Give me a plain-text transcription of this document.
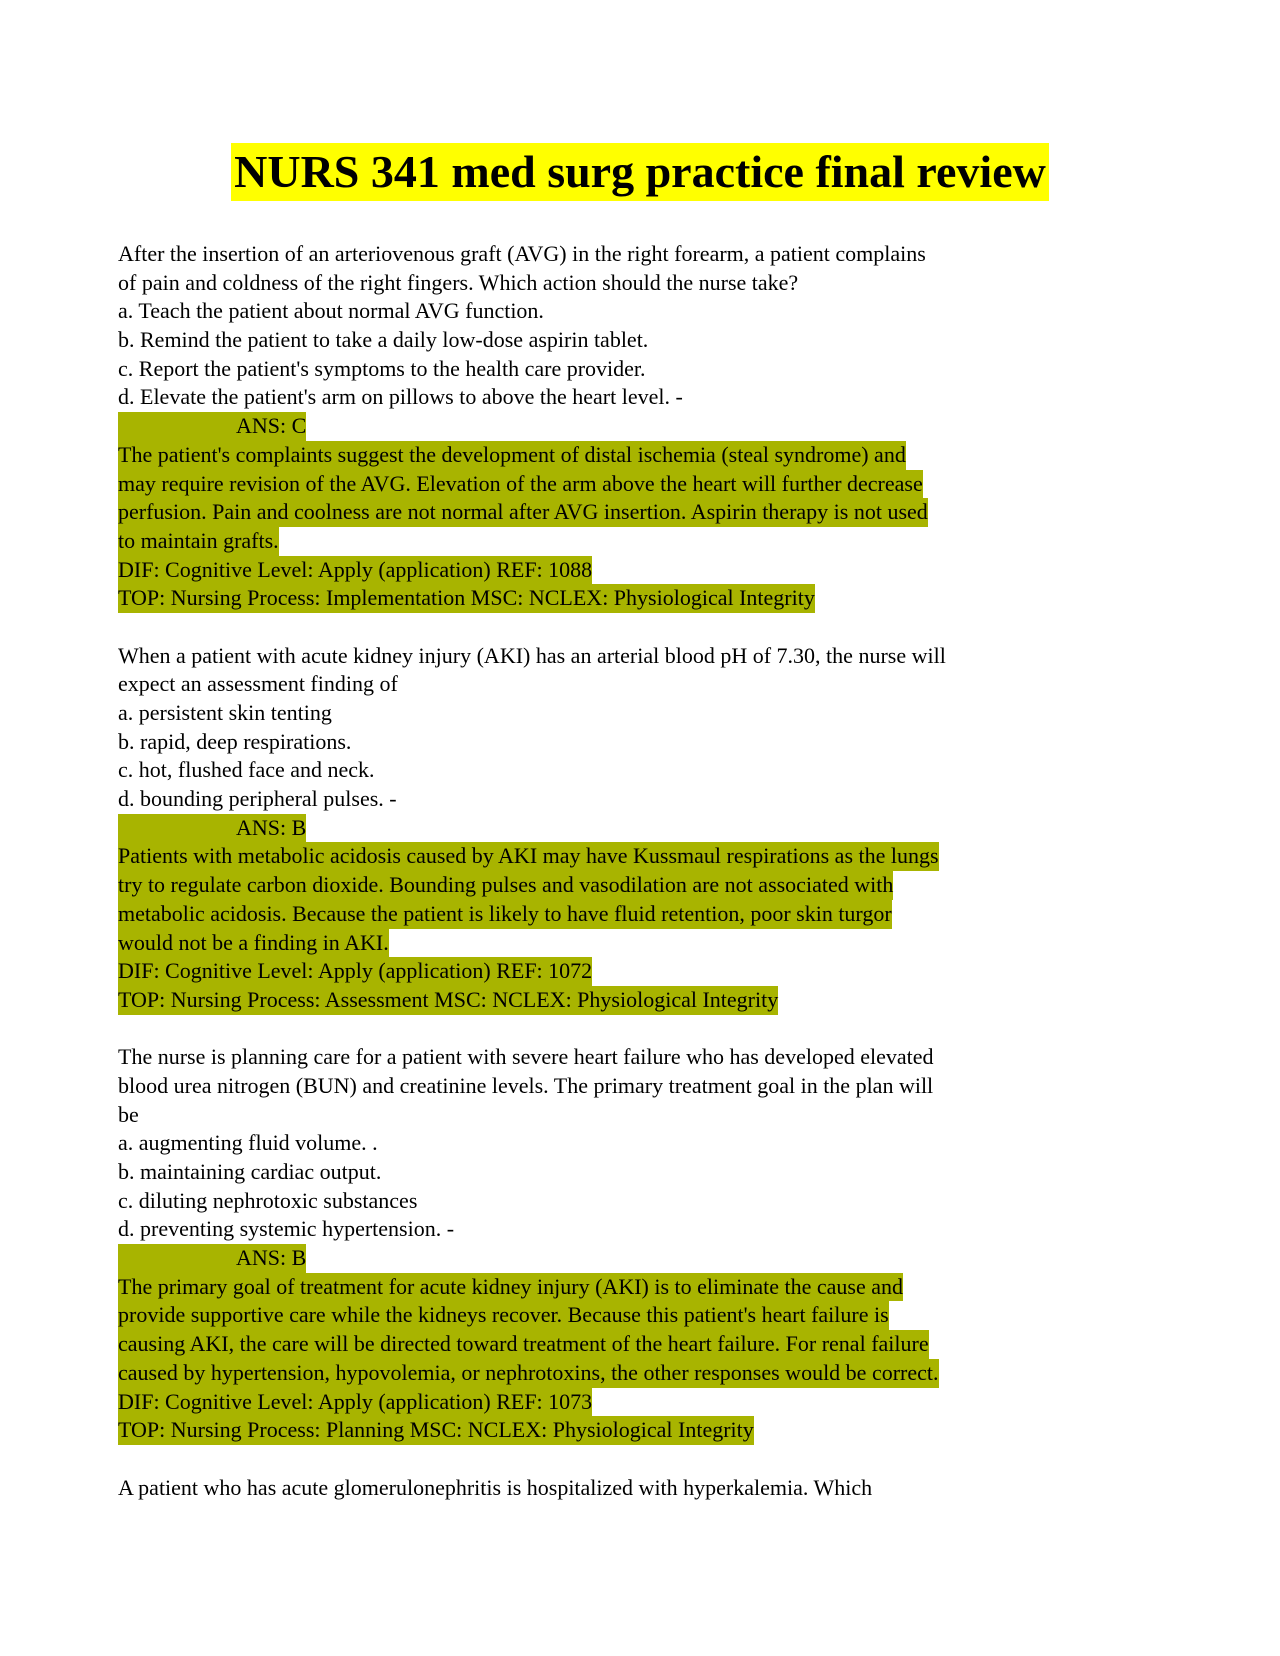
NURS 341 med surg practice final review
After the insertion of an arteriovenous graft (AVG) in the right forearm, a patient complains
of pain and coldness of the right fingers. Which action should the nurse take?
a. Teach the patient about normal AVG function.
b. Remind the patient to take a daily low-dose aspirin tablet.
c. Report the patient's symptoms to the health care provider.
d. Elevate the patient's arm on pillows to above the heart level. -
ANS: C
The patient's complaints suggest the development of distal ischemia (steal syndrome) and
may require revision of the AVG. Elevation of the arm above the heart will further decrease
perfusion. Pain and coolness are not normal after AVG insertion. Aspirin therapy is not used
to maintain grafts.
DIF: Cognitive Level: Apply (application) REF: 1088
TOP: Nursing Process: Implementation MSC: NCLEX: Physiological Integrity
When a patient with acute kidney injury (AKI) has an arterial blood pH of 7.30, the nurse will
expect an assessment finding of
a. persistent skin tenting
b. rapid, deep respirations.
c. hot, flushed face and neck.
d. bounding peripheral pulses. -
ANS: B
Patients with metabolic acidosis caused by AKI may have Kussmaul respirations as the lungs
try to regulate carbon dioxide. Bounding pulses and vasodilation are not associated with
metabolic acidosis. Because the patient is likely to have fluid retention, poor skin turgor
would not be a finding in AKI.
DIF: Cognitive Level: Apply (application) REF: 1072
TOP: Nursing Process: Assessment MSC: NCLEX: Physiological Integrity
The nurse is planning care for a patient with severe heart failure who has developed elevated
blood urea nitrogen (BUN) and creatinine levels. The primary treatment goal in the plan will
be
a. augmenting fluid volume. .
b. maintaining cardiac output.
c. diluting nephrotoxic substances
d. preventing systemic hypertension. -
ANS: B
The primary goal of treatment for acute kidney injury (AKI) is to eliminate the cause and
provide supportive care while the kidneys recover. Because this patient's heart failure is
causing AKI, the care will be directed toward treatment of the heart failure. For renal failure
caused by hypertension, hypovolemia, or nephrotoxins, the other responses would be correct.
DIF: Cognitive Level: Apply (application) REF: 1073
TOP: Nursing Process: Planning MSC: NCLEX: Physiological Integrity
A patient who has acute glomerulonephritis is hospitalized with hyperkalemia. Which
